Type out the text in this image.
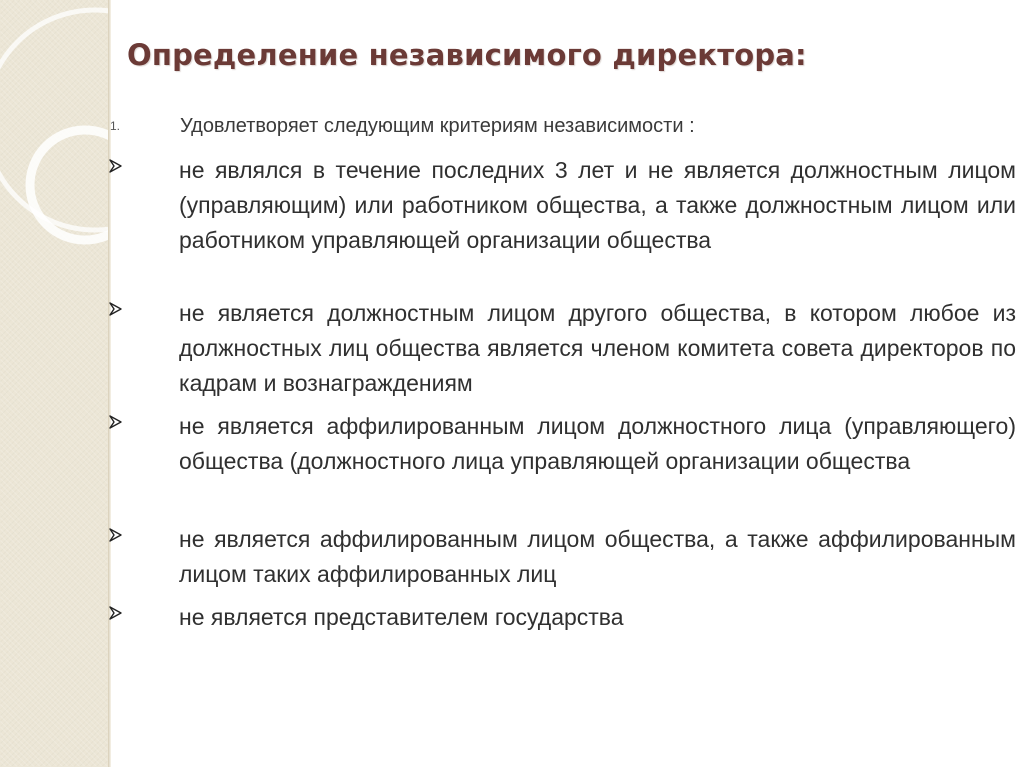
Определение независимого директора:
1.	Удовлетворяет следующим критериям независимости :
не являлся в течение последних 3 лет и не является должностным лицом (управляющим) или работником общества, а также должностным лицом или работником управляющей организации общества
не является должностным лицом другого общества, в котором любое из должностных лиц общества является членом комитета совета директоров по кадрам и вознаграждениям
не является аффилированным лицом должностного лица (управляющего) общества (должностного лица управляющей организации общества
не является аффилированным лицом общества, а также аффилированным лицом таких аффилированных лиц
не является представителем государства
